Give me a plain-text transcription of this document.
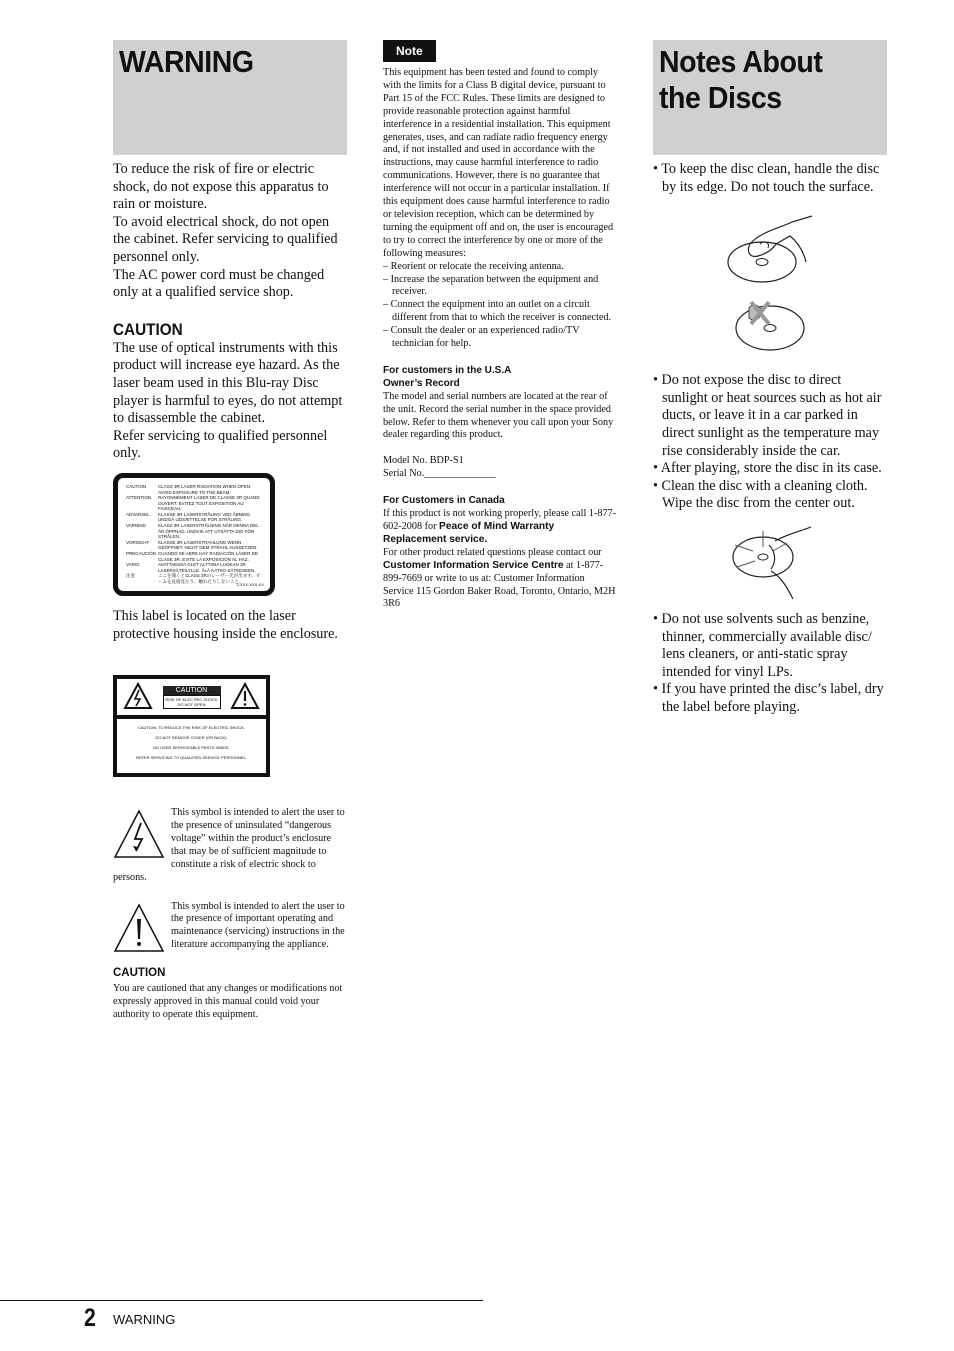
WARNING

To reduce the risk of fire or electric shock, do not expose this apparatus to rain or moisture.

To avoid electrical shock, do not open the cabinet. Refer servicing to qualified personnel only.

The AC power cord must be changed only at a qualified service shop.

CAUTION

The use of optical instruments with this product will increase eye hazard. As the laser beam used in this Blu-ray Disc player is harmful to eyes, do not attempt to disassemble the cabinet.

Refer servicing to qualified personnel only.

CAUTION	CLASS 3R LASER RADIATION WHEN OPEN. AVOID EXPOSURE TO THE BEAM.
ATTENTION	RAYONNEMENT LASER DE CLASSE 3R QUAND OUVERT. ÉVITEZ TOUT EXPOSITION AU FAISCEAU.
ADVARSEL	KLASSE 3R LASERSTRÅLING VED ÅBNING. UNDGÅ UDSÆTTELSE FOR STRÅLING.
VARNING	KLASS 3R LASERSTRÅLNING NÄR DENNA DEL ÄR ÖPPNAD. UNDVIK ATT UTSÄTTA DIG FÖR STRÅLEN.
VORSICHT	KLASSE 3R LASERSTRAHLUNG WENN GEÖFFNET. NICHT DEM STRAHL AUSSETZEN.
PRECAUCIÓN CUANDO SE ABRE HAY RADIACIÓN LÁSER DE CLASE 3R. EVITE LA EXPOSICIÓN AL HAZ.
VARO!	AVATTAESSA OLET ALTTIINA LUOKAN 3R LASERSÄTEILYLLE. ÄLÄ KATSO SÄTEESEEN.
注意	ここを開くとCLASS 3Rのレーザー光が出ます。ビームを直接見たり、触れたりしないこと。
3-XXX-XXX-XX

This label is located on the laser protective housing inside the enclosure.

CAUTION
RISK OF ELECTRIC SHOCK DO NOT OPEN
CAUTION: TO REDUCE THE RISK OF ELECTRIC SHOCK,
DO NOT REMOVE COVER (OR BACK).
NO USER-SERVICEABLE PARTS INSIDE.
REFER SERVICING TO QUALIFIED SERVICE PERSONNEL.

This symbol is intended to alert the user to the presence of uninsulated “dangerous voltage” within the product’s enclosure that may be of sufficient magnitude to constitute a risk of electric shock to persons.

This symbol is intended to alert the user to the presence of important operating and maintenance (servicing) instructions in the literature accompanying the appliance.

CAUTION

You are cautioned that any changes or modifications not expressly approved in this manual could void your authority to operate this equipment.

Note

This equipment has been tested and found to comply with the limits for a Class B digital device, pursuant to Part 15 of the FCC Rules. These limits are designed to provide reasonable protection against harmful interference in a residential installation. This equipment generates, uses, and can radiate radio frequency energy and, if not installed and used in accordance with the instructions, may cause harmful interference to radio communications. However, there is no guarantee that interference will not occur in a particular installation. If this equipment does cause harmful interference to radio or television reception, which can be determined by turning the equipment off and on, the user is encouraged to try to correct the interference by one or more of the following measures:

– Reorient or relocate the receiving antenna.
– Increase the separation between the equipment and receiver.
– Connect the equipment into an outlet on a circuit different from that to which the receiver is connected.
– Consult the dealer or an experienced radio/TV technician for help.
For customers in the U.S.A
Owner’s Record

The model and serial numbers are located at the rear of the unit. Record the serial number in the space provided below. Refer to them whenever you call upon your Sony dealer regarding this product.

Model No. BDP-S1

Serial No.______________

For Customers in Canada

If this product is not working properly, please call 1-877-602-2008 for Peace of Mind Warranty Replacement service.

For other product related questions please contact our Customer Information Service Centre at 1-877-899-7669 or write to us at: Customer Information Service 115 Gordon Baker Road, Toronto, Ontario, M2H 3R6

Notes About the Discs
• To keep the disc clean, handle the disc by its edge. Do not touch the surface.
• Do not expose the disc to direct sunlight or heat sources such as hot air ducts, or leave it in a car parked in direct sunlight as the temperature may rise considerably inside the car.
• After playing, store the disc in its case.
• Clean the disc with a cleaning cloth. Wipe the disc from the center out.
• Do not use solvents such as benzine, thinner, commercially available disc/ lens cleaners, or anti-static spray intended for vinyl LPs.
• If you have printed the disc’s label, dry the label before playing.
2 WARNING
